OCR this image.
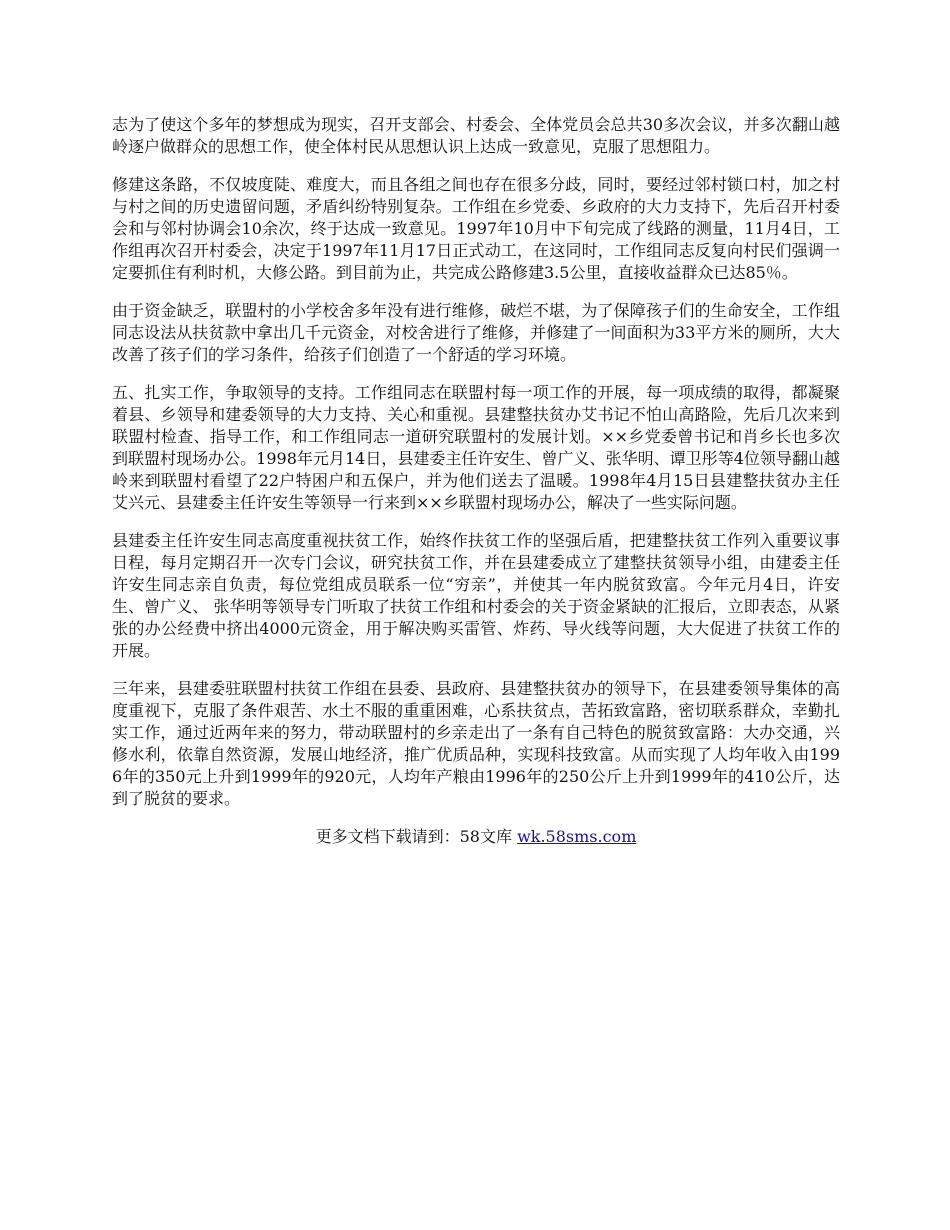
志为了使这个多年的梦想成为现实，召开支部会、村委会、全体党员会总共30多次会议，并多次翻山越岭逐户做群众的思想工作，使全体村民从思想认识上达成一致意见，克服了思想阻力。

修建这条路，不仅坡度陡、难度大，而且各组之间也存在很多分歧，同时，要经过邻村锁口村，加之村与村之间的历史遗留问题，矛盾纠纷特别复杂。工作组在乡党委、乡政府的大力支持下，先后召开村委会和与邻村协调会10余次，终于达成一致意见。1997年10月中下旬完成了线路的测量，11月4日，工作组再次召开村委会，决定于1997年11月17日正式动工，在这同时，工作组同志反复向村民们强调一定要抓住有利时机，大修公路。到目前为止，共完成公路修建3.5公里，直接收益群众已达85％。

由于资金缺乏，联盟村的小学校舍多年没有进行维修，破烂不堪，为了保障孩子们的生命安全，工作组同志设法从扶贫款中拿出几千元资金，对校舍进行了维修，并修建了一间面积为33平方米的厕所，大大改善了孩子们的学习条件，给孩子们创造了一个舒适的学习环境。

五、扎实工作，争取领导的支持。工作组同志在联盟村每一项工作的开展，每一项成绩的取得，都凝聚着县、乡领导和建委领导的大力支持、关心和重视。县建整扶贫办艾书记不怕山高路险，先后几次来到联盟村检查、指导工作，和工作组同志一道研究联盟村的发展计划。××乡党委曾书记和肖乡长也多次到联盟村现场办公。1998年元月14日，县建委主任许安生、曾广义、张华明、谭卫彤等4位领导翻山越岭来到联盟村看望了22户特困户和五保户，并为他们送去了温暖。1998年4月15日县建整扶贫办主任艾兴元、县建委主任许安生等领导一行来到××乡联盟村现场办公，解决了一些实际问题。

县建委主任许安生同志高度重视扶贫工作，始终作扶贫工作的坚强后盾，把建整扶贫工作列入重要议事日程，每月定期召开一次专门会议，研究扶贫工作，并在县建委成立了建整扶贫领导小组，由建委主任许安生同志亲自负责，每位党组成员联系一位“穷亲”，并使其一年内脱贫致富。今年元月4日，许安生、曾广义、 张华明等领导专门听取了扶贫工作组和村委会的关于资金紧缺的汇报后，立即表态，从紧张的办公经费中挤出4000元资金，用于解决购买雷管、炸药、导火线等问题，大大促进了扶贫工作的开展。

三年来，县建委驻联盟村扶贫工作组在县委、县政府、县建整扶贫办的领导下，在县建委领导集体的高度重视下，克服了条件艰苦、水土不服的重重困难，心系扶贫点，苦拓致富路，密切联系群众，幸勤扎实工作，通过近两年来的努力，带动联盟村的乡亲走出了一条有自己特色的脱贫致富路：大办交通，兴修水利，依靠自然资源，发展山地经济，推广优质品种，实现科技致富。从而实现了人均年收入由1996年的350元上升到1999年的920元，人均年产粮由1996年的250公斤上升到1999年的410公斤，达到了脱贫的要求。

更多文档下载请到：58文库 wk.58sms.com
